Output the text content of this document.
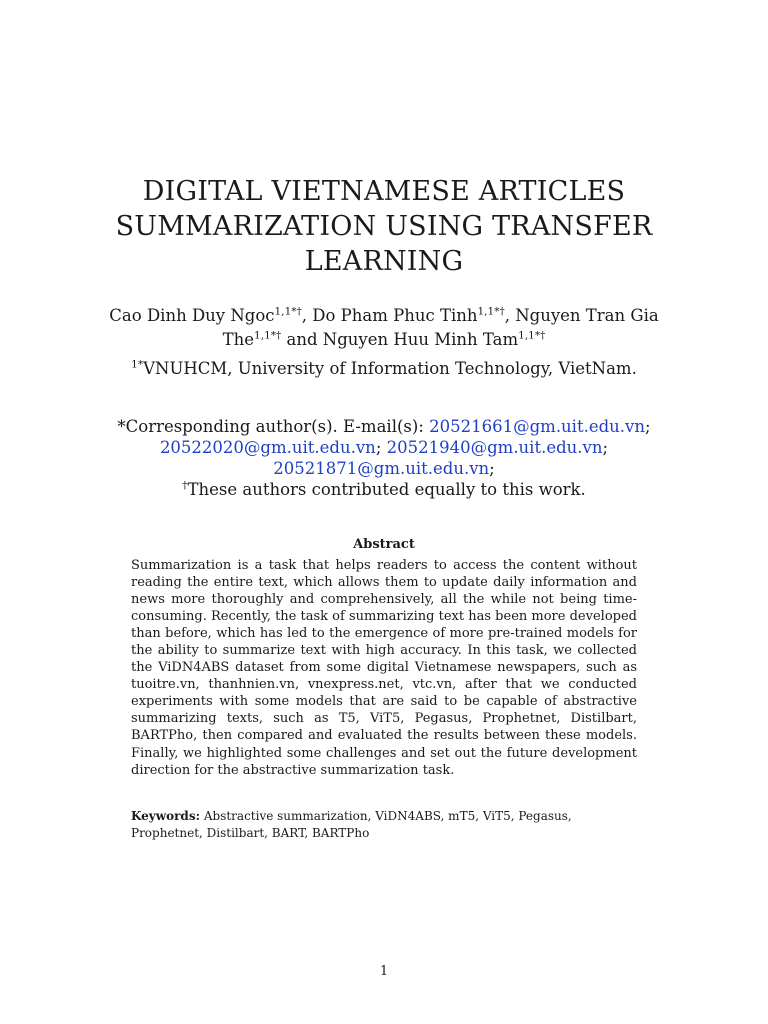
DIGITAL VIETNAMESE ARTICLES
SUMMARIZATION USING TRANSFER
LEARNING
Cao Dinh Duy Ngoc$^{1,1*\dagger}$, Do Pham Phuc Tinh$^{1,1*\dagger}$, Nguyen Tran Gia The$^{1,1*\dagger}$ and Nguyen Huu Minh Tam$^{1,1*\dagger}$
$^{1*}$VNUHCM, University of Information Technology, VietNam.
*Corresponding author(s). E-mail(s): 20521661@gm.uit.edu.vn;
20522020@gm.uit.edu.vn; 20521940@gm.uit.edu.vn;
20521871@gm.uit.edu.vn;
†These authors contributed equally to this work.
Abstract
Summarization is a task that helps readers to access the content without reading the entire text, which allows them to update daily information and news more thoroughly and comprehensively, all the while not being time-consuming. Recently, the task of summarizing text has been more developed than before, which has led to the emergence of more pre-trained models for the ability to summarize text with high accuracy. In this task, we collected the ViDN4ABS dataset from some digital Vietnamese newspapers, such as tuoitre.vn, thanhnien.vn, vnexpress.net, vtc.vn, after that we conducted experiments with some models that are said to be capable of abstractive summarizing texts, such as T5, ViT5, Pegasus, Prophetnet, Distilbart, BARTPho, then compared and evaluated the results between these models. Finally, we highlighted some challenges and set out the future development direction for the abstractive summarization task.
Keywords: Abstractive summarization, ViDN4ABS, mT5, ViT5, Pegasus, Prophetnet, Distilbart, BART, BARTPho
1
